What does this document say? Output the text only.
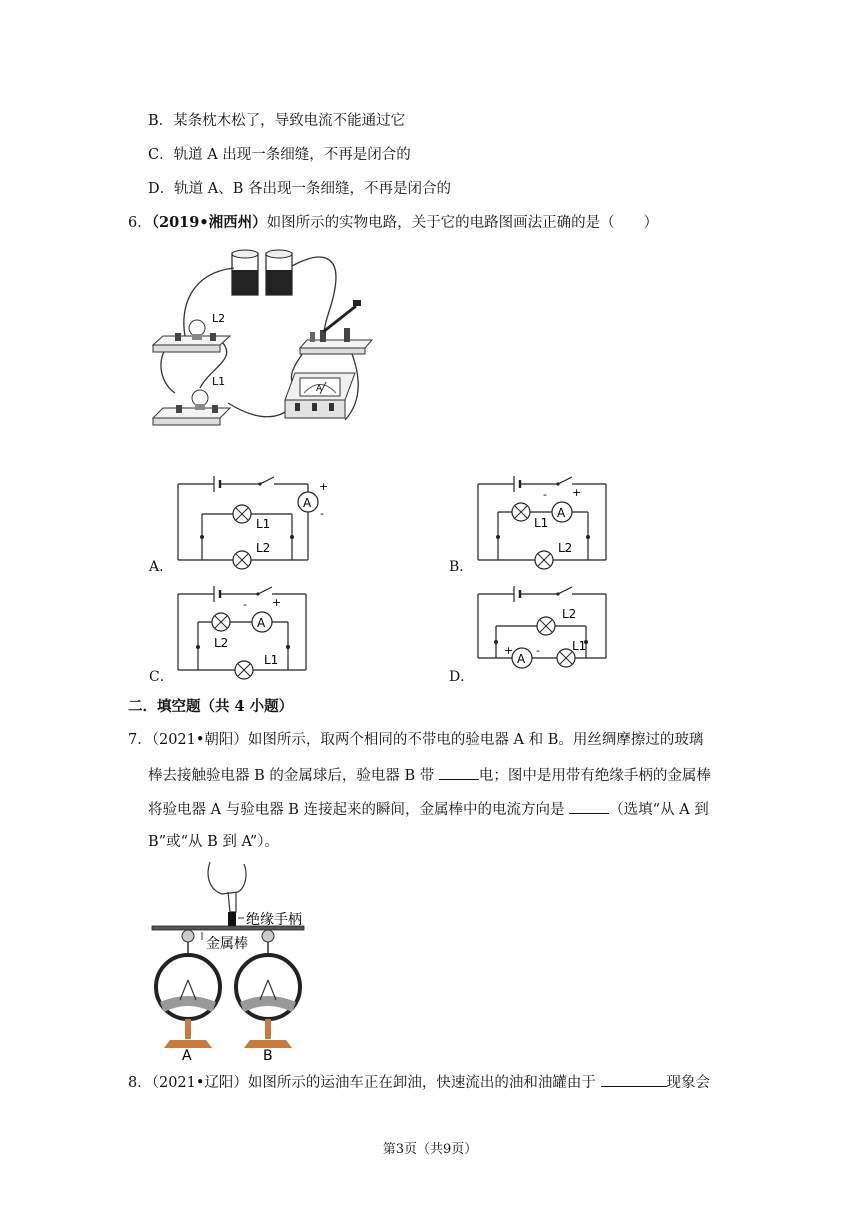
B．某条枕木松了，导致电流不能通过它
C．轨道 A 出现一条细缝，不再是闭合的
D．轨道 A、B 各出现一条细缝，不再是闭合的
6．（2019•湘西州）如图所示的实物电路，关于它的电路图画法正确的是（　　）
L2
L1
A
A
+
-
L1
L2
A．
L1
A
- +
L2
B．
L2
A
- +
L1
C．
L2
A
+ -	L1
D．
二．填空题（共 4 小题）
7．（2021•朝阳）如图所示，取两个相同的不带电的验电器 A 和 B。用丝绸摩擦过的玻璃
棒去接触验电器 B 的金属球后，验电器 B 带	电；图中是用带有绝缘手柄的金属棒
将验电器 A 与验电器 B 连接起来的瞬间，金属棒中的电流方向是	（选填“从 A 到
B”或“从 B 到 A”）。
绝缘手柄
金属棒
A	B
8．（2021•辽阳）如图所示的运油车正在卸油，快速流出的油和油罐由于	现象会
第3页（共9页）
